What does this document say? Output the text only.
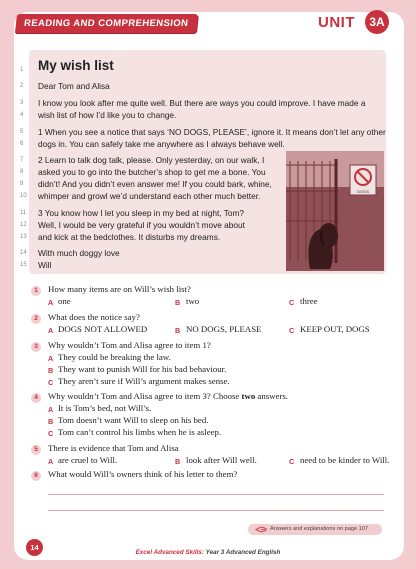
READING AND COMPREHENSION	UNIT	3A
My wish list
1
2	Dear Tom and Alisa
3	I know you look after me quite well. But there are ways you could improve. I have made a
4	wish list of how I’d like you to change.
5	1 When you see a notice that says ‘NO DOGS, PLEASE’, ignore it. It means don’t let any other
6	dogs in. You can safely take me anywhere as I always behave well.
7	2 Learn to talk dog talk, please. Only yesterday, on our walk, I
8	asked you to go into the butcher’s shop to get me a bone. You
9	didn’t! And you didn’t even answer me! If you could bark, whine,
10	whimper and growl we’d understand each other much better.
11	3 You know how I let you sleep in my bed at night, Tom?
12	Well, I would be very grateful if you wouldn’t move about
13	and kick at the bedclothes. It disturbs my dreams.
14	With much doggy love
15	Will
DOGS
1	How many items are on Will’s wish list?
A one	B two	C three
2	What does the notice say?
A DOGS NOT ALLOWED	B NO DOGS, PLEASE	C KEEP OUT, DOGS
3	Why wouldn’t Tom and Alisa agree to item 1?
A They could be breaking the law.
B They want to punish Will for his bad behaviour.
C They aren’t sure if Will’s argument makes sense.
4	Why wouldn’t Tom and Alisa agree to item 3? Choose two answers.
A It is Tom’s bed, not Will’s.
B Tom doesn’t want Will to sleep on his bed.
C Tom can’t control his limbs when he is asleep.
5	There is evidence that Tom and Alisa
A are cruel to Will.	B look after Will well.	C need to be kinder to Will.
6	What would Will’s owners think of his letter to them?
Answers and explanations on page 107
14
Excel Advanced Skills: Year 3 Advanced English
